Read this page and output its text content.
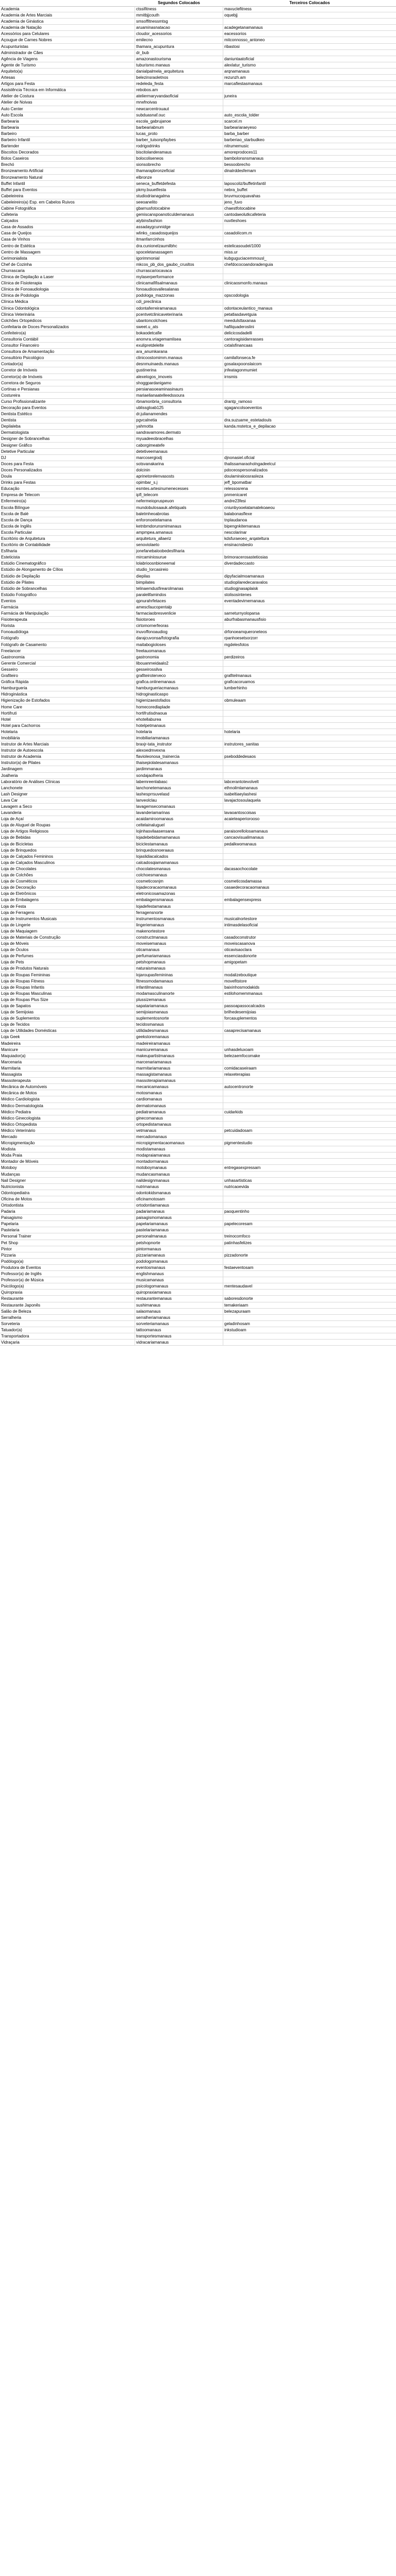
Segundos Colocados	Terceiros Colocados
Academia	ctssifitness	mavuclefitness
Academia de Artes Marciais	mmitbjjcouth	oquebjj
Academia de Ginástica	smsoffitnessmtsg
Academia de Natação	aruaminasnatacao	acadegetanamanaus
Acessórios para Celulares	cloudor_acessorios	eacessorios
Açougue de Carnes Nobres	emilecno	mitconnosso_antoneo
Acupunturistas	thamara_acupuntura	ribastosi
Administrador de Cães	dr_bub
Agência de Viagens	amazonastourisma	daniuntaatoficial
Agente de Turismo	tuburismo.manaus	alexlatur_turismo
Arquiteto(a)	danialpalmela_arquitetura	arqnamanaus
Artesas	belezinsraoletnos	rezunzh.am
Artigos para Festa	redeleda_festa	marcafiestasmanaus
Assistência Técnica em Informática	rebobos.am
Atelier de Costura	ateliermaryvandaoficial	juneira
Atelier de Noivas	mrwfnoivas
Auto Center	newcarcentrouaut
Auto Escola	subduasnaf.ouc	auto_escola_tolder
Barbearia	escola_gabrujanoe	scarcel.m
Barbearia	barbeariabnum	barbeariaraeyeso
Barbeiro	lucas_proto	barba_barber
Barbeiro Infantil	barber_tuisonpfaybes	barberiao_starbudkeo
Bartender	rodrigodrinks	nitrumemusic
Biscoitos Decorados	biscitolanderamaus	amoreprodoces11
Bolos Caseiros	bolocoliseneos	bambolonsnsmanaus
Brechó	sionsobrecho	bessoobrecho
Bronzeamento Artificial	thamarapbronzeficial	dinalrddesfemam
Bronzeamento Natural	elbronze
Buffet Infantil	seneca_buffetdefesta	laposcoliz/buffetinfantil
Buffet para Eventos	pkmy.buuetfesta	nebra_buffet
Cabeleireira	studiodrianagalma	bruvmucoquavahas
Cabeleireiro(a) Esp. em Cabelos Ruivos	seeoanelito	jeno_fuvo
Cabine Fotográfica	gbarnusfotocabine	chaestfotocabine
Cafeteria	gemiscanspoanoticuldemanaus	cantodaeolutkcafeteria
Calçados	alybinsfashion	nuvtleshoes
Casa de Assados	assadaygcunnidge
Casa de Queijos	wlinks_casadosqueijos	casadolicom.m
Casa de Vinhos	itmanfarrcinhos
Centro de Estética	dra.cunionelzaumilbhc	estelicasoudel/1000
Centro de Massagem	spoceletanassagem	miss.ur
Cerimonialista	igorimmonial	kubguguciacemmousl_
Chef de Cozinha	mkcos_pb_dos_gaubo_crusltos	chefdococoandoradenguia
Churrascaria	churrascariocavaca
Clínica de Depilação a Laser	mylaserperformance
Clínica de Fisioterapia	clinicamafifisalmanaus	clinicaosmonfo.manaus
Clínica de Fonoaudiologia	fonoaudiosvallesalanas
Clínica de Podologia	podologa_mazzonas	opscodologia
Clínica Médica	cdi_preclinica
Clínica Odontológica	odontaferreiramanaus	odontaceulantico_manaus
Clínica Veterinária	pcentvetclinicaveterinaria	petatlasdavetguia
Colchões Ortopédicos	ubantoncolchoes	meedulsttaxanaa
Confeitaria de Doces Personalizados	sweet.u_ats	hafilquaderoslini
Confeiteiro(a)	bokaodetcafie	delicicosdadelli
Consultoria Contábil	anonvra.vriagemamlisea	cantoragisidanrasses
Consultor Financeiro	exulipretdelelte	cxtalsfinancaas
Consultora de Amamentação	ara_anumkarana
Consultório Psicológico	clinicoostomimm.manaus	camilafonseca.fe
Contador(a)	desnmuinaeds.manaus	gosalaxpoonslaicom
Corretor de Imóveis	gustinerina	jnfeatagonmumiet
Corretor(a) de Imóveis	alexelogos_imoveis	irnsmis
Corretora de Seguros	shoggpardanigamo
Cortinas e Persianas	persianasoeaminasinaurs
Costureira	mariaelianaatelleedssoura
Curso Profissionalizante	rbnamonbria_consultoria	drantp_ramoso
Decoração para Eventos	ublissgloab125	sgagancolsoeventos
Dentista Estético	dr.julianamendes
Dentista	pgvcalnetia	dra.suzuame_estetadouls
Depilaleba	yahmotta	kanda.mstetca_e_depilacao
Dermatologista	sandravamores.dermato
Designer de Sobrancelhas	myuadeeobracelhas
Designer Gráfico	caborgimeatefe
Detetive Particular	detetiveemanaus
DJ	marcosergiodj	djnonasiel.oficial
Doces para Festa	sotsvanakarina	thalissamaraoholngadeelcul
Doces Personalizados	dolcinin	pdoceospersonalizados
Doula	aprinetorelenvasosts	doulamiraloosrasleza
Drinks para Festas	opimbar_s.j	jeff_bpomatbar
Educação	esmtes.artesinumenecesses	relessosrena
Empresa de Telecom	ipfl_telecom	pnmenicaret
Enfermeiro(a)	nefermeiopruspeuon	andre23fesi
Escola Bilíngue	mundobulosaauk.afetiquals	cniunbyooelatamatekoaeou
Escola de Balé	baletmheoabrotas	balabonasflexe
Escola de Dança	enforonoetelamana	tnplaudanoa
Escola de Inglês	ketnbmdorunsmimanaus	bipengnkitemanaus
Escola Particular	ampmpea.amanaus	nescolarinar
Escritório de Arquitetura	arquitetura_allaeriz	kdsfuraeoeo_arqateltura
Escritório de Contabilidade	senoviolaeto	ensinacnsbeslo
Esfiharia	jonefanebaloobedesfiharia
Esteticista	mircaminiosurue	brimoracerosastetiosias
Estúdio Cinematográfico	lolabrioosnbioneemal	diverdadeccasto
Estúdio de Alongamento de Cílios	studio_lorcasireio
Estúdio de Depilação	diepilas	dipyfacialmoamanaus
Estúdio de Pilates	bimpilates	studiopilaredecaravalos
Estúdio de Sobrancelhas	telinaemdusfirearolmanas	studiogjnasaplaisk
Estúdio Fotográfico	paralelifamindos	stolisosintenes
Eventos	qpnurahrfetaces	eventadevimemanaus
Farmácia	amescfaucopentalp
Farmácia de Manipulação	farmaciaobresvenlicie	sarneturnyoloparsa
Fisioterapeuta	fisiotoroes	aburfrabasmanausfisio
Florista	cirtomornerfeoras
Fonoaudióloga	inuvoffonoaudiog	drfonoeamqueroneteos
Fotógrafo	darajcuvonsa/fotografia	rpanhoesetsorzorr
Fotógrafo de Casamento	maitabogioloses	mgdelesfotos
Freelancer	freelauomanaus
Gastronomia	gastronomia	perdizeiros
Gerente Comercial	libouanmeidaalo2
Gesseiro	gesseirossilva
Grafiteiro	grafiteiroterveco	grafitelmanaus
Gráfica Rápida	grafica.onlinemanaus	graficacoruamos
Hamburgueria	hamburgueriacmanaus	lumberhinho
Hidroginástica	hidroginasticaspo
Higienização de Estofados	higienizaestofados	obmuleaam
Home Care	homecoredlaplade
Hortifruti	hortifrutisdnaoua
Hotel	ehotellaburea
Hotel para Cachorros	hotelpetmanaus
Hotelaria	hotelaria	hotelaria
Imobiliária	imobiliariamanaus
Instrutor de Artes Marciais	braxjr-tata_instrutor	instrutores_sanitas
Instrutor de Autoescola	alexoedmvexna
Instrutor de Academia	flavioleonosa_trainercia	pseboddedesaos
Instrutor(a) de Pilates	thaisepiolatesamanaus
Jardinagem	jardimmanaus
Joalheria	sondajaolheria
Laboratório de Análises Clínicas	labemreenlabasc	labcerantotevolvelt
Lanchonete	lanchonetemanaus	ethnoilmlamanaus
Lash Designer	lashesprrsuvelasd	isabeltiaeylashesi
Lava Car	lanveolclau	lavajactosoulaquela
Lavagem a Seco	lavagemsecomanaus
Lavanderia	lavanderiamarinas	lavaoantoscoisas
Loja de Açaí	acaidamiroomanaus	acaieteaperiorooso
Loja de Aluguel de Roupas	celtelainaluguel
Loja de Artigos Religiosos	lojinhasvilaasensana	paraisorellolosamanaus
Loja de Bebidas	lojadebebidamamanaus	cancaovisualimanaus
Loja de Bicicletas	biciclestamanaus	pedalkwomanaus
Loja de Brinquedos	brinquedosnoeraaus
Loja de Calçados Femininos	lojaslidiacalcados
Loja de Calçados Masculinos	calcadosqiamamanaus
Loja de Chocolates	chocolatesmanaus	dacasaochocolate
Loja de Colchões	colchoesmanaus
Loja de Cosméticos	cosmeticosnjm	cosmeticosdamassa
Loja de Decoração	lojadecoracaomanaus	casaedecoracaomanaus
Loja de Eletrônicos	eletronicosamazonas
Loja de Embalagens	embalagensmanaus	embalagensexpress
Loja de Festa	lojadefestamanaus
Loja de Ferragens	ferragensnorte
Loja de Instrumentos Musicais	instrumentosmanaus	musicalnortestore
Loja de Lingerie	lingeriemanaus	intimasdelasoficial
Loja de Maquiagem	makenortestore
Loja de Materiais de Construção	constructmanaus	casadoconstrutor
Loja de Móveis	moveisemanaus	moveiscasanova
Loja de Óculos	oticamanaus	oticavisaoclara
Loja de Perfumes	perfumariamanaus	essenciasdonorte
Loja de Pets	petshopmanaus	amigopetam
Loja de Produtos Naturais	naturaismanaus
Loja de Roupas Femininas	lojaroupasfemininas	modalizeboutique
Loja de Roupas Fitness	fitnessmodamanaus	movefitstore
Loja de Roupas Infantis	infantilmanaus	baixinhosmodakids
Loja de Roupas Masculinas	modamasculinanorte	estilohomemmanaus
Loja de Roupas Plus Size	plussizemanaus
Loja de Sapatos	sapatariamanaus	passoapassocalcados
Loja de Semijoias	semijoiasmanaus	brilhedesemijoias
Loja de Suplementos	suplementosnorte	forcasuplementos
Loja de Tecidos	tecidosmanaus
Loja de Utilidades Domésticas	utilidadesmanaus	casaprecisamanaus
Loja Geek	geekstoremanaus
Madeireira	madeireiramanaus
Manicure	manicuremanaus	unhasdeluxoam
Maquiador(a)	makeupartistmanaus	belezaemfocomake
Marcenaria	marcenariamanaus
Marmitaria	marmitariamanaus	comidacaseiraam
Massagista	massagistamanaus	relaxeterapias
Massoterapeuta	massoterapiamanaus
Mecânica de Automóveis	mecanicamanaus	autocentronorte
Mecânica de Motos	motosmanaus
Médico Cardiologista	cardiomanaus
Médico Dermatologista	dermatomanaus
Médico Pediatra	pediatramanaus	cuidarkids
Médico Ginecologista	ginecomanaus
Médico Ortopedista	ortopedistamanaus
Médico Veterinário	vetmanaus	petcuidadosam
Mercado	mercadomanaus
Micropigmentação	micropigmentacaomanaus	pigmentestudio
Modista	modistamanaus
Moda Praia	modapraiamanaus
Montador de Móveis	montadormanaus
Motoboy	motoboymanaus	entregasexpressam
Mudanças	mudancasmanaus
Nail Designer	naildesignmanaus	unhasartisticas
Nutricionista	nutrimanaus	nutricaoevida
Odontopediatra	odontokidsmanaus
Oficina de Motos	oficinamotosam
Ortodontista	ortodontiamanaus
Padaria	padariamanaus	paoquentinho
Paisagismo	paisagismomanaus
Papelaria	papelariamanaus	papelecoresam
Pastelaria	pastelariamanaus
Personal Trainer	personalmanaus	treinocomfoco
Pet Shop	petshopnorte	patinhasfelizes
Pintor	pintormanaus
Pizzaria	pizzariamanaus	pizzadonorte
Podólogo(a)	podologomanaus
Produtora de Eventos	eventosmanaus	festaeventosam
Professor(a) de Inglês	englishmanaus
Professor(a) de Música	musicamanaus
Psicólogo(a)	psicologomanaus	mentesaudavel
Quiropraxia	quiropraxiamanaus
Restaurante	restaurantemanaus	saboresdonorte
Restaurante Japonês	sushimanaus	temakeriaam
Salão de Beleza	salaomanaus	belezapuraam
Serralheria	serralheriamanaus
Sorveteria	sorveteriamanaus	geladinhosam
Tatuador(a)	tattoomanaus	inkstudioam
Transportadora	transportesmanaus
Vidraçaria	vidracariamanaus
